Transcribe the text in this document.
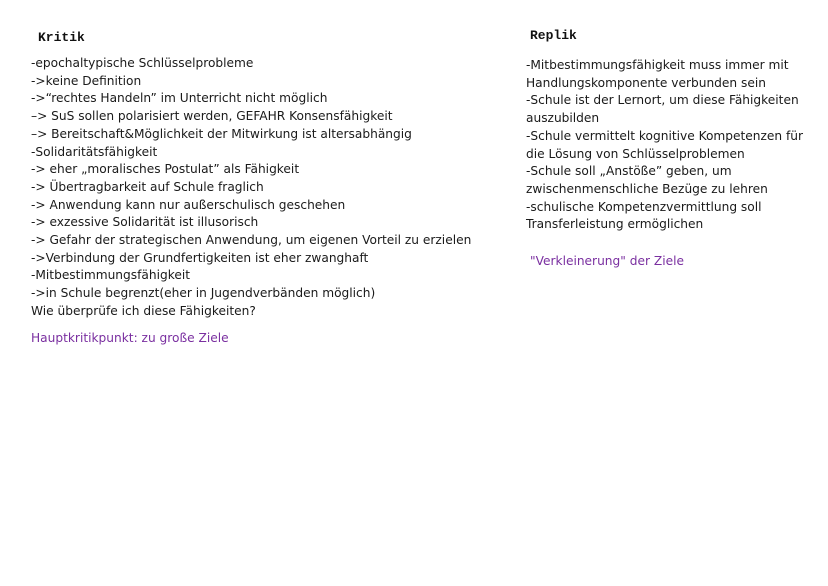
Kritik
-epochaltypische Schlüsselprobleme
->keine Definition
->“rechtes Handeln” im Unterricht nicht möglich
–> SuS sollen polarisiert werden, GEFAHR Konsensfähigkeit
–> Bereitschaft&Möglichkeit der Mitwirkung ist altersabhängig
-Solidaritätsfähigkeit
-> eher „moralisches Postulat” als Fähigkeit
-> Übertragbarkeit auf Schule fraglich
-> Anwendung kann nur außerschulisch geschehen
-> exzessive Solidarität ist illusorisch
-> Gefahr der strategischen Anwendung, um eigenen Vorteil zu erzielen
->Verbindung der Grundfertigkeiten ist eher zwanghaft
-Mitbestimmungsfähigkeit
->in Schule begrenzt(eher in Jugendverbänden möglich)
Wie überprüfe ich diese Fähigkeiten?
Hauptkritikpunkt: zu große Ziele
Replik
-Mitbestimmungsfähigkeit muss immer mit
Handlungskomponente verbunden sein
-Schule ist der Lernort, um diese Fähigkeiten
auszubilden
-Schule vermittelt kognitive Kompetenzen für
die Lösung von Schlüsselproblemen
-Schule soll „Anstöße” geben, um
zwischenmenschliche Bezüge zu lehren
-schulische Kompetenzvermittlung soll
Transferleistung ermöglichen
"Verkleinerung" der Ziele
